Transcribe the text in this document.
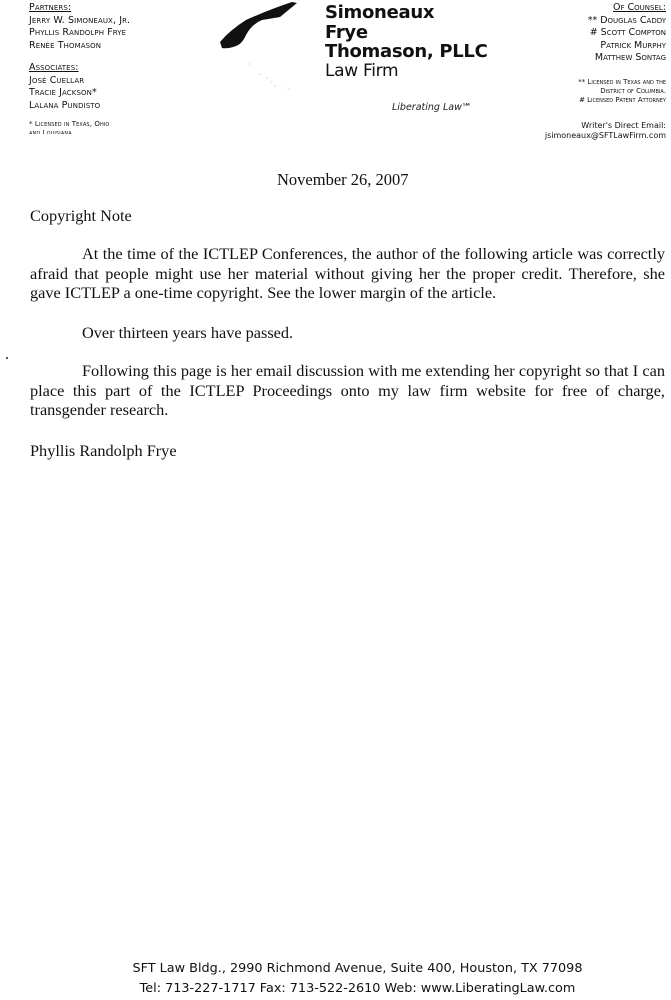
Partners:
Jerry W. Simoneaux, Jr.
Phyllis Randolph Frye
Renée Thomason
Associates:
José Cuellar
Tracie Jackson*
Lalana Pundisto
* Licensed in Texas, Ohio
and Louisiana
Simoneaux
Frye
Thomason, PLLC
Law Firm
Liberating Law℠
Of Counsel:
** Douglas Caddy
# Scott Compton
Patrick Murphy
Matthew Sontag
** Licensed in Texas and the
District of Columbia.
# Licensed Patent Attorney
Writer's Direct Email:
jsimoneaux@SFTLawFirm.com
November 26, 2007
Copyright Note
At the time of the ICTLEP Conferences, the author of the following article was correctly afraid that people might use her material without giving her the proper credit. Therefore, she gave ICTLEP a one-time copyright. See the lower margin of the article.
Over thirteen years have passed.
Following this page is her email discussion with me extending her copyright so that I can place this part of the ICTLEP Proceedings onto my law firm website for free of charge, transgender research.
Phyllis Randolph Frye
SFT Law Bldg., 2990 Richmond Avenue, Suite 400, Houston, TX 77098
Tel: 713-227-1717 Fax: 713-522-2610 Web: www.LiberatingLaw.com
